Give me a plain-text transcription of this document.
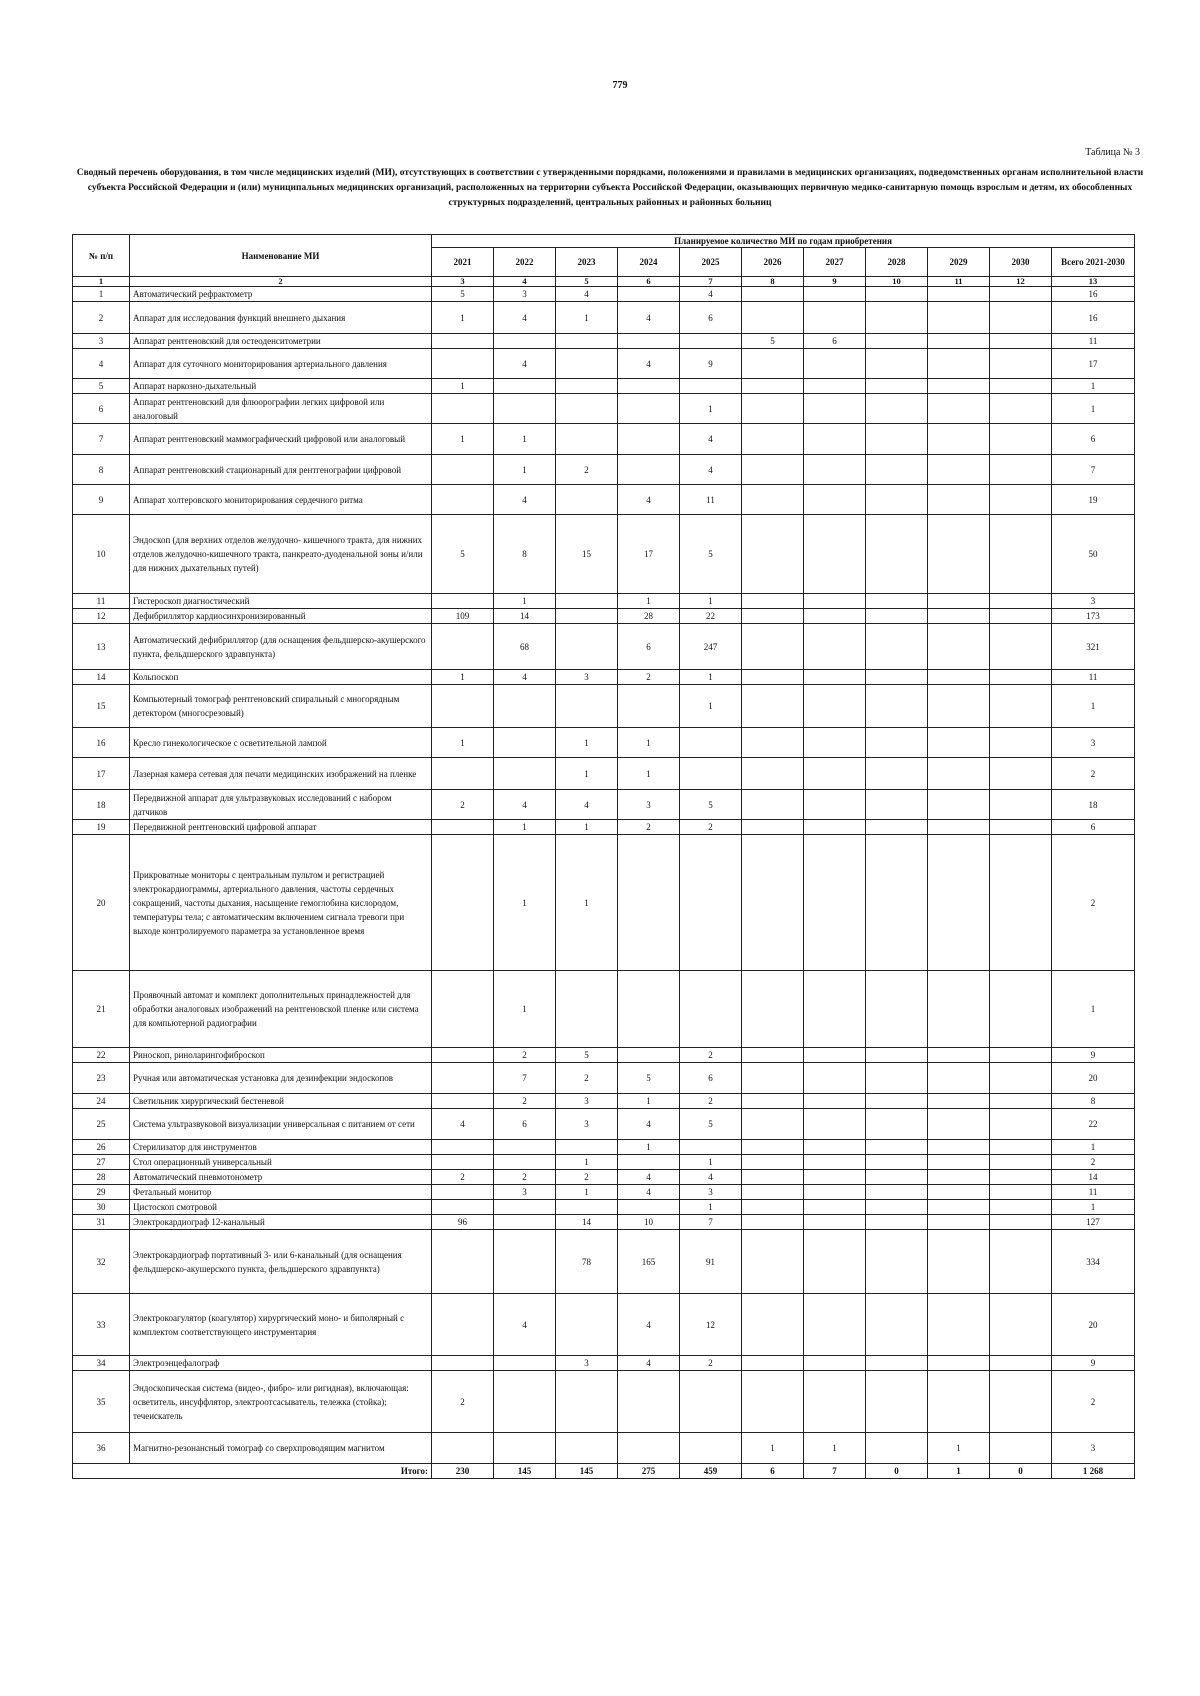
779
Таблица № 3
Сводный перечень оборудования, в том числе медицинских изделий (МИ), отсутствующих в соответствии с утвержденными порядками, положениями и правилами в медицинских организациях, подведомственных органам исполнительной власти субъекта Российской Федерации и (или) муниципальных медицинских организаций, расположенных на территории субъекта Российской Федерации, оказывающих первичную медико-санитарную помощь взрослым и детям, их обособленных структурных подразделений, центральных районных и районных больниц
№ п/п	Наименование МИ	Планируемое количество МИ по годам приобретения										
		2021	2022	2023	2024	2025	2026	2027	2028	2029	2030	Всего 2021-2030
1	2	3	4	5	6	7	8	9	10	11	12	13
1	Автоматический рефрактометр	5	3	4		4						16
2	Аппарат для исследования функций внешнего дыхания	1	4	1	4	6						16
3	Аппарат рентгеновский для остеоденситометрии						5	6				11
4	Аппарат для суточного мониторирования артериального давления		4		4	9						17
5	Аппарат наркозно-дыхательный	1										1
6	Аппарат рентгеновский для флюорографии легких цифровой или аналоговый					1						1
7	Аппарат рентгеновский маммографический цифровой или аналоговый	1	1			4						6
8	Аппарат рентгеновский стационарный для рентгенографии цифровой		1	2		4						7
9	Аппарат холтеровского мониторирования сердечного ритма		4		4	11						19
10	Эндоскоп (для верхних отделов желудочно- кишечного тракта, для нижних отделов желудочно-кишечного тракта, панкреато-дуоденальной зоны и/или для нижних дыхательных путей)	5	8	15	17	5						50
11	Гистероскоп диагностический		1		1	1						3
12	Дефибриллятор кардиосинхронизированный	109	14		28	22						173
13	Автоматический дефибриллятор (для оснащения фельдшерско-акушерского пункта, фельдшерского здравпункта)		68		6	247						321
14	Кольпоскоп	1	4	3	2	1						11
15	Компьютерный томограф рентгеновский спиральный с многорядным детектором (многосрезовый)					1						1
16	Кресло гинекологическое с осветительной лампой	1		1	1							3
17	Лазерная камера сетевая для печати медицинских изображений на пленке			1	1							2
18	Передвижной аппарат для ультразвуковых исследований с набором датчиков	2	4	4	3	5						18
19	Передвижной рентгеновский цифровой аппарат		1	1	2	2						6
20	Прикроватные мониторы с центральным пультом и регистрацией электрокардиограммы, артериального давления, частоты сердечных сокращений, частоты дыхания, насыщение гемоглобина кислородом, температуры тела; с автоматическим включением сигнала тревоги при выходе контролируемого параметра за установленное время		1	1								2
21	Проявочный автомат и комплект дополнительных принадлежностей для обработки аналоговых изображений на рентгеновской пленке или система для компьютерной радиографии		1									1
22	Риноскоп, риноларингофиброскоп		2	5		2						9
23	Ручная или автоматическая установка для дезинфекции эндоскопов		7	2	5	6						20
24	Светильник хирургический бестеневой		2	3	1	2						8
25	Система ультразвуковой визуализации универсальная с питанием от сети	4	6	3	4	5						22
26	Стерилизатор для инструментов				1							1
27	Стол операционный универсальный			1		1						2
28	Автоматический пневмотонометр	2	2	2	4	4						14
29	Фетальный монитор		3	1	4	3						11
30	Цистоскоп смотровой					1						1
31	Электрокардиограф 12-канальный	96		14	10	7						127
32	Электрокардиограф портативный 3- или 6-канальный (для оснащения фельдшерско-акушерского пункта, фельдшерского здравпункта)			78	165	91						334
33	Электрокоагулятор (коагулятор) хирургический моно- и биполярный с комплектом соответствующего инструментария		4		4	12						20
34	Электроэнцефалограф			3	4	2						9
35	Эндоскопическая система (видео-, фибро- или ригидная), включающая: осветитель, инсуффлятор, электроотсасыватель, тележка (стойка); течеискатель	2										2
36	Магнитно-резонансный томограф со сверхпроводящим магнитом						1	1		1		3
Итого:		230	145	145	275	459	6	7	0	1	0	1 268
